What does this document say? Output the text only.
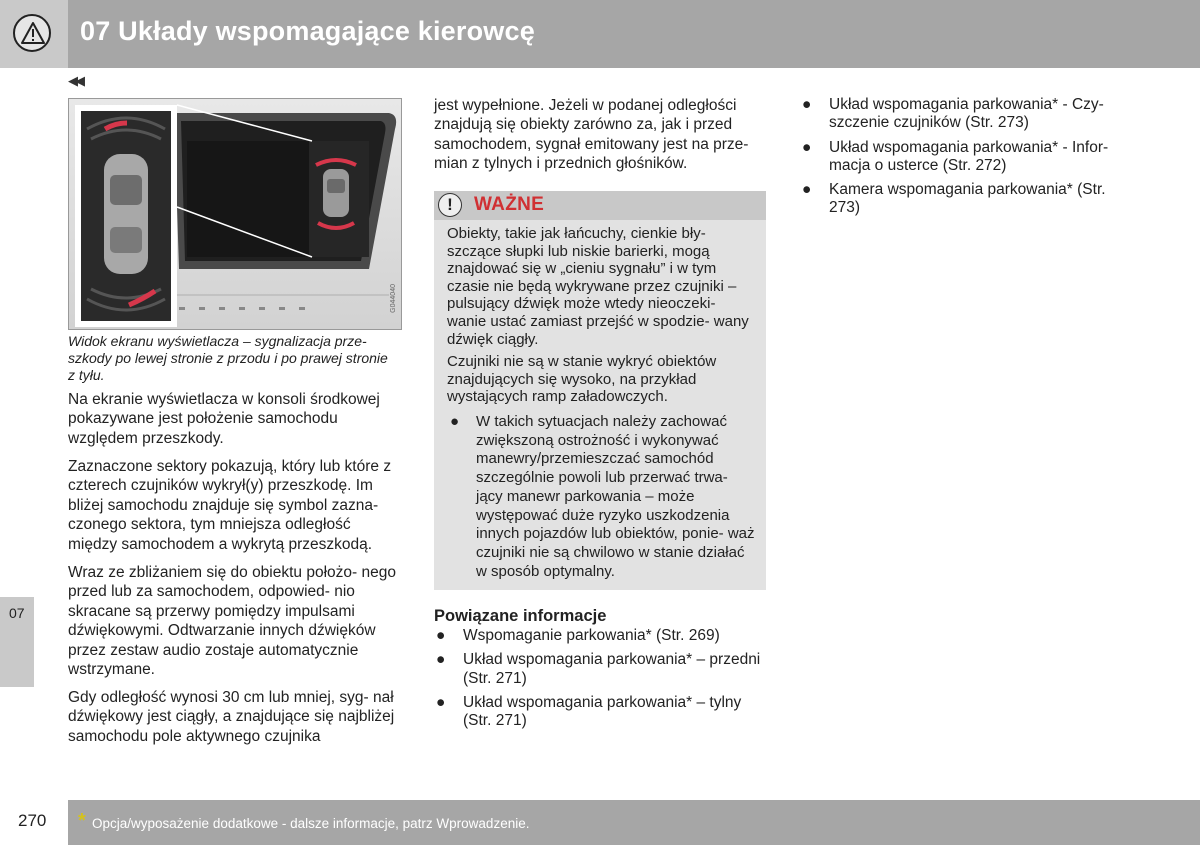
07 Układy wspomagające kierowcę
◀◀
07
G044040
Widok ekranu wyświetlacza – sygnalizacja prze- szkody po lewej stronie z przodu i po prawej stronie z tyłu.
Na ekranie wyświetlacza w konsoli środkowej pokazywane jest położenie samochodu względem przeszkody.
Zaznaczone sektory pokazują, który lub które z czterech czujników wykrył(y) przeszkodę. Im bliżej samochodu znajduje się symbol zazna- czonego sektora, tym mniejsza odległość między samochodem a wykrytą przeszkodą.
Wraz ze zbliżaniem się do obiektu położo- nego przed lub za samochodem, odpowied- nio skracane są przerwy pomiędzy impulsami dźwiękowymi. Odtwarzanie innych dźwięków przez zestaw audio zostaje automatycznie wstrzymane.
Gdy odległość wynosi 30 cm lub mniej, syg- nał dźwiękowy jest ciągły, a znajdujące się najbliżej samochodu pole aktywnego czujnika
jest wypełnione. Jeżeli w podanej odległości znajdują się obiekty zarówno za, jak i przed samochodem, sygnał emitowany jest na prze- mian z tylnych i przednich głośników.
!	WAŻNE
Obiekty, takie jak łańcuchy, cienkie bły- szczące słupki lub niskie barierki, mogą znajdować się w „cieniu sygnału” i w tym czasie nie będą wykrywane przez czujniki – pulsujący dźwięk może wtedy nieoczeki- wanie ustać zamiast przejść w spodzie- wany dźwięk ciągły.
Czujniki nie są w stanie wykryć obiektów znajdujących się wysoko, na przykład wystających ramp załadowczych.
● W takich sytuacjach należy zachować zwiększoną ostrożność i wykonywać manewry/przemieszczać samochód szczególnie powoli lub przerwać trwa- jący manewr parkowania – może występować duże ryzyko uszkodzenia innych pojazdów lub obiektów, ponie- waż czujniki nie są chwilowo w stanie działać w sposób optymalny.
Powiązane informacje
● Wspomaganie parkowania* (Str. 269)
● Układ wspomagania parkowania* – przedni (Str. 271)
● Układ wspomagania parkowania* – tylny (Str. 271)
● Układ wspomagania parkowania* - Czy- szczenie czujników (Str. 273)
● Układ wspomagania parkowania* - Infor- macja o usterce (Str. 272)
● Kamera wspomagania parkowania* (Str. 273)
270 * Opcja/wyposażenie dodatkowe - dalsze informacje, patrz Wprowadzenie.
